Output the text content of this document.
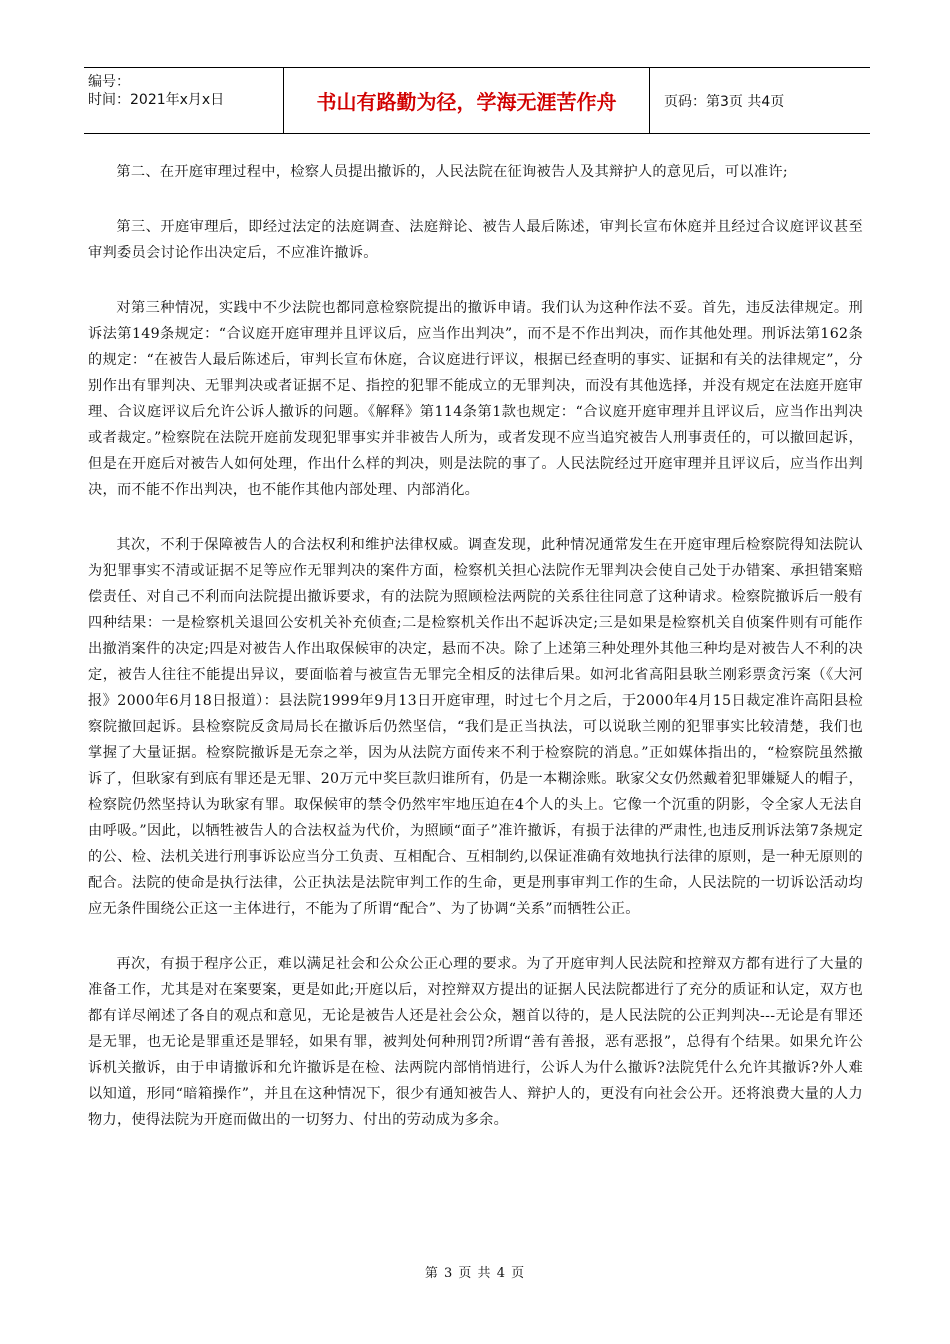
编号：
时间：2021年x月x日	书山有路勤为径，学海无涯苦作舟	页码：第3页 共4页

第二、在开庭审理过程中，检察人员提出撤诉的，人民法院在征询被告人及其辩护人的意见后，可以准许;

第三、开庭审理后，即经过法定的法庭调查、法庭辩论、被告人最后陈述，审判长宣布休庭并且经过合议庭评议甚至审判委员会讨论作出决定后，不应准许撤诉。

对第三种情况，实践中不少法院也都同意检察院提出的撤诉申请。我们认为这种作法不妥。首先，违反法律规定。刑诉法第149条规定：“合议庭开庭审理并且评议后，应当作出判决”，而不是不作出判决，而作其他处理。刑诉法第162条的规定：“在被告人最后陈述后，审判长宣布休庭，合议庭进行评议，根据已经查明的事实、证据和有关的法律规定”，分别作出有罪判决、无罪判决或者证据不足、指控的犯罪不能成立的无罪判决，而没有其他选择，并没有规定在法庭开庭审理、合议庭评议后允许公诉人撤诉的问题。《解释》第114条第1款也规定：“合议庭开庭审理并且评议后，应当作出判决或者裁定。”检察院在法院开庭前发现犯罪事实并非被告人所为，或者发现不应当追究被告人刑事责任的，可以撤回起诉，但是在开庭后对被告人如何处理，作出什么样的判决，则是法院的事了。人民法院经过开庭审理并且评议后，应当作出判决，而不能不作出判决，也不能作其他内部处理、内部消化。

其次，不利于保障被告人的合法权利和维护法律权威。调查发现，此种情况通常发生在开庭审理后检察院得知法院认为犯罪事实不清或证据不足等应作无罪判决的案件方面，检察机关担心法院作无罪判决会使自己处于办错案、承担错案赔偿责任、对自己不利而向法院提出撤诉要求，有的法院为照顾检法两院的关系往往同意了这种请求。检察院撤诉后一般有四种结果：一是检察机关退回公安机关补充侦查;二是检察机关作出不起诉决定;三是如果是检察机关自侦案件则有可能作出撤消案件的决定;四是对被告人作出取保候审的决定，悬而不决。除了上述第三种处理外其他三种均是对被告人不利的决定，被告人往往不能提出异议，要面临着与被宣告无罪完全相反的法律后果。如河北省高阳县耿兰刚彩票贪污案（《大河报》2000年6月18日报道）：县法院1999年9月13日开庭审理，时过七个月之后，于2000年4月15日裁定准许高阳县检察院撤回起诉。县检察院反贪局局长在撤诉后仍然坚信，“我们是正当执法，可以说耿兰刚的犯罪事实比较清楚，我们也掌握了大量证据。检察院撤诉是无奈之举，因为从法院方面传来不利于检察院的消息。”正如媒体指出的，“检察院虽然撤诉了，但耿家有到底有罪还是无罪、20万元中奖巨款归谁所有，仍是一本糊涂账。耿家父女仍然戴着犯罪嫌疑人的帽子，检察院仍然坚持认为耿家有罪。取保候审的禁令仍然牢牢地压迫在4个人的头上。它像一个沉重的阴影，令全家人无法自由呼吸。”因此，以牺牲被告人的合法权益为代价，为照顾“面子”准许撤诉，有损于法律的严肃性,也违反刑诉法第7条规定的公、检、法机关进行刑事诉讼应当分工负责、互相配合、互相制约,以保证准确有效地执行法律的原则，是一种无原则的配合。法院的使命是执行法律，公正执法是法院审判工作的生命，更是刑事审判工作的生命，人民法院的一切诉讼活动均应无条件围绕公正这一主体进行，不能为了所谓“配合”、为了协调“关系”而牺牲公正。

再次，有损于程序公正，难以满足社会和公众公正心理的要求。为了开庭审判人民法院和控辩双方都有进行了大量的准备工作，尤其是对在案要案，更是如此;开庭以后，对控辩双方提出的证据人民法院都进行了充分的质证和认定，双方也都有详尽阐述了各自的观点和意见，无论是被告人还是社会公众，翘首以待的，是人民法院的公正判判决---无论是有罪还是无罪，也无论是罪重还是罪轻，如果有罪，被判处何种刑罚?所谓“善有善报，恶有恶报”，总得有个结果。如果允许公诉机关撤诉，由于申请撤诉和允许撤诉是在检、法两院内部悄悄进行，公诉人为什么撤诉?法院凭什么允许其撤诉?外人难以知道，形同“暗箱操作”，并且在这种情况下，很少有通知被告人、辩护人的，更没有向社会公开。还将浪费大量的人力物力，使得法院为开庭而做出的一切努力、付出的劳动成为多余。

第 3 页 共 4 页
